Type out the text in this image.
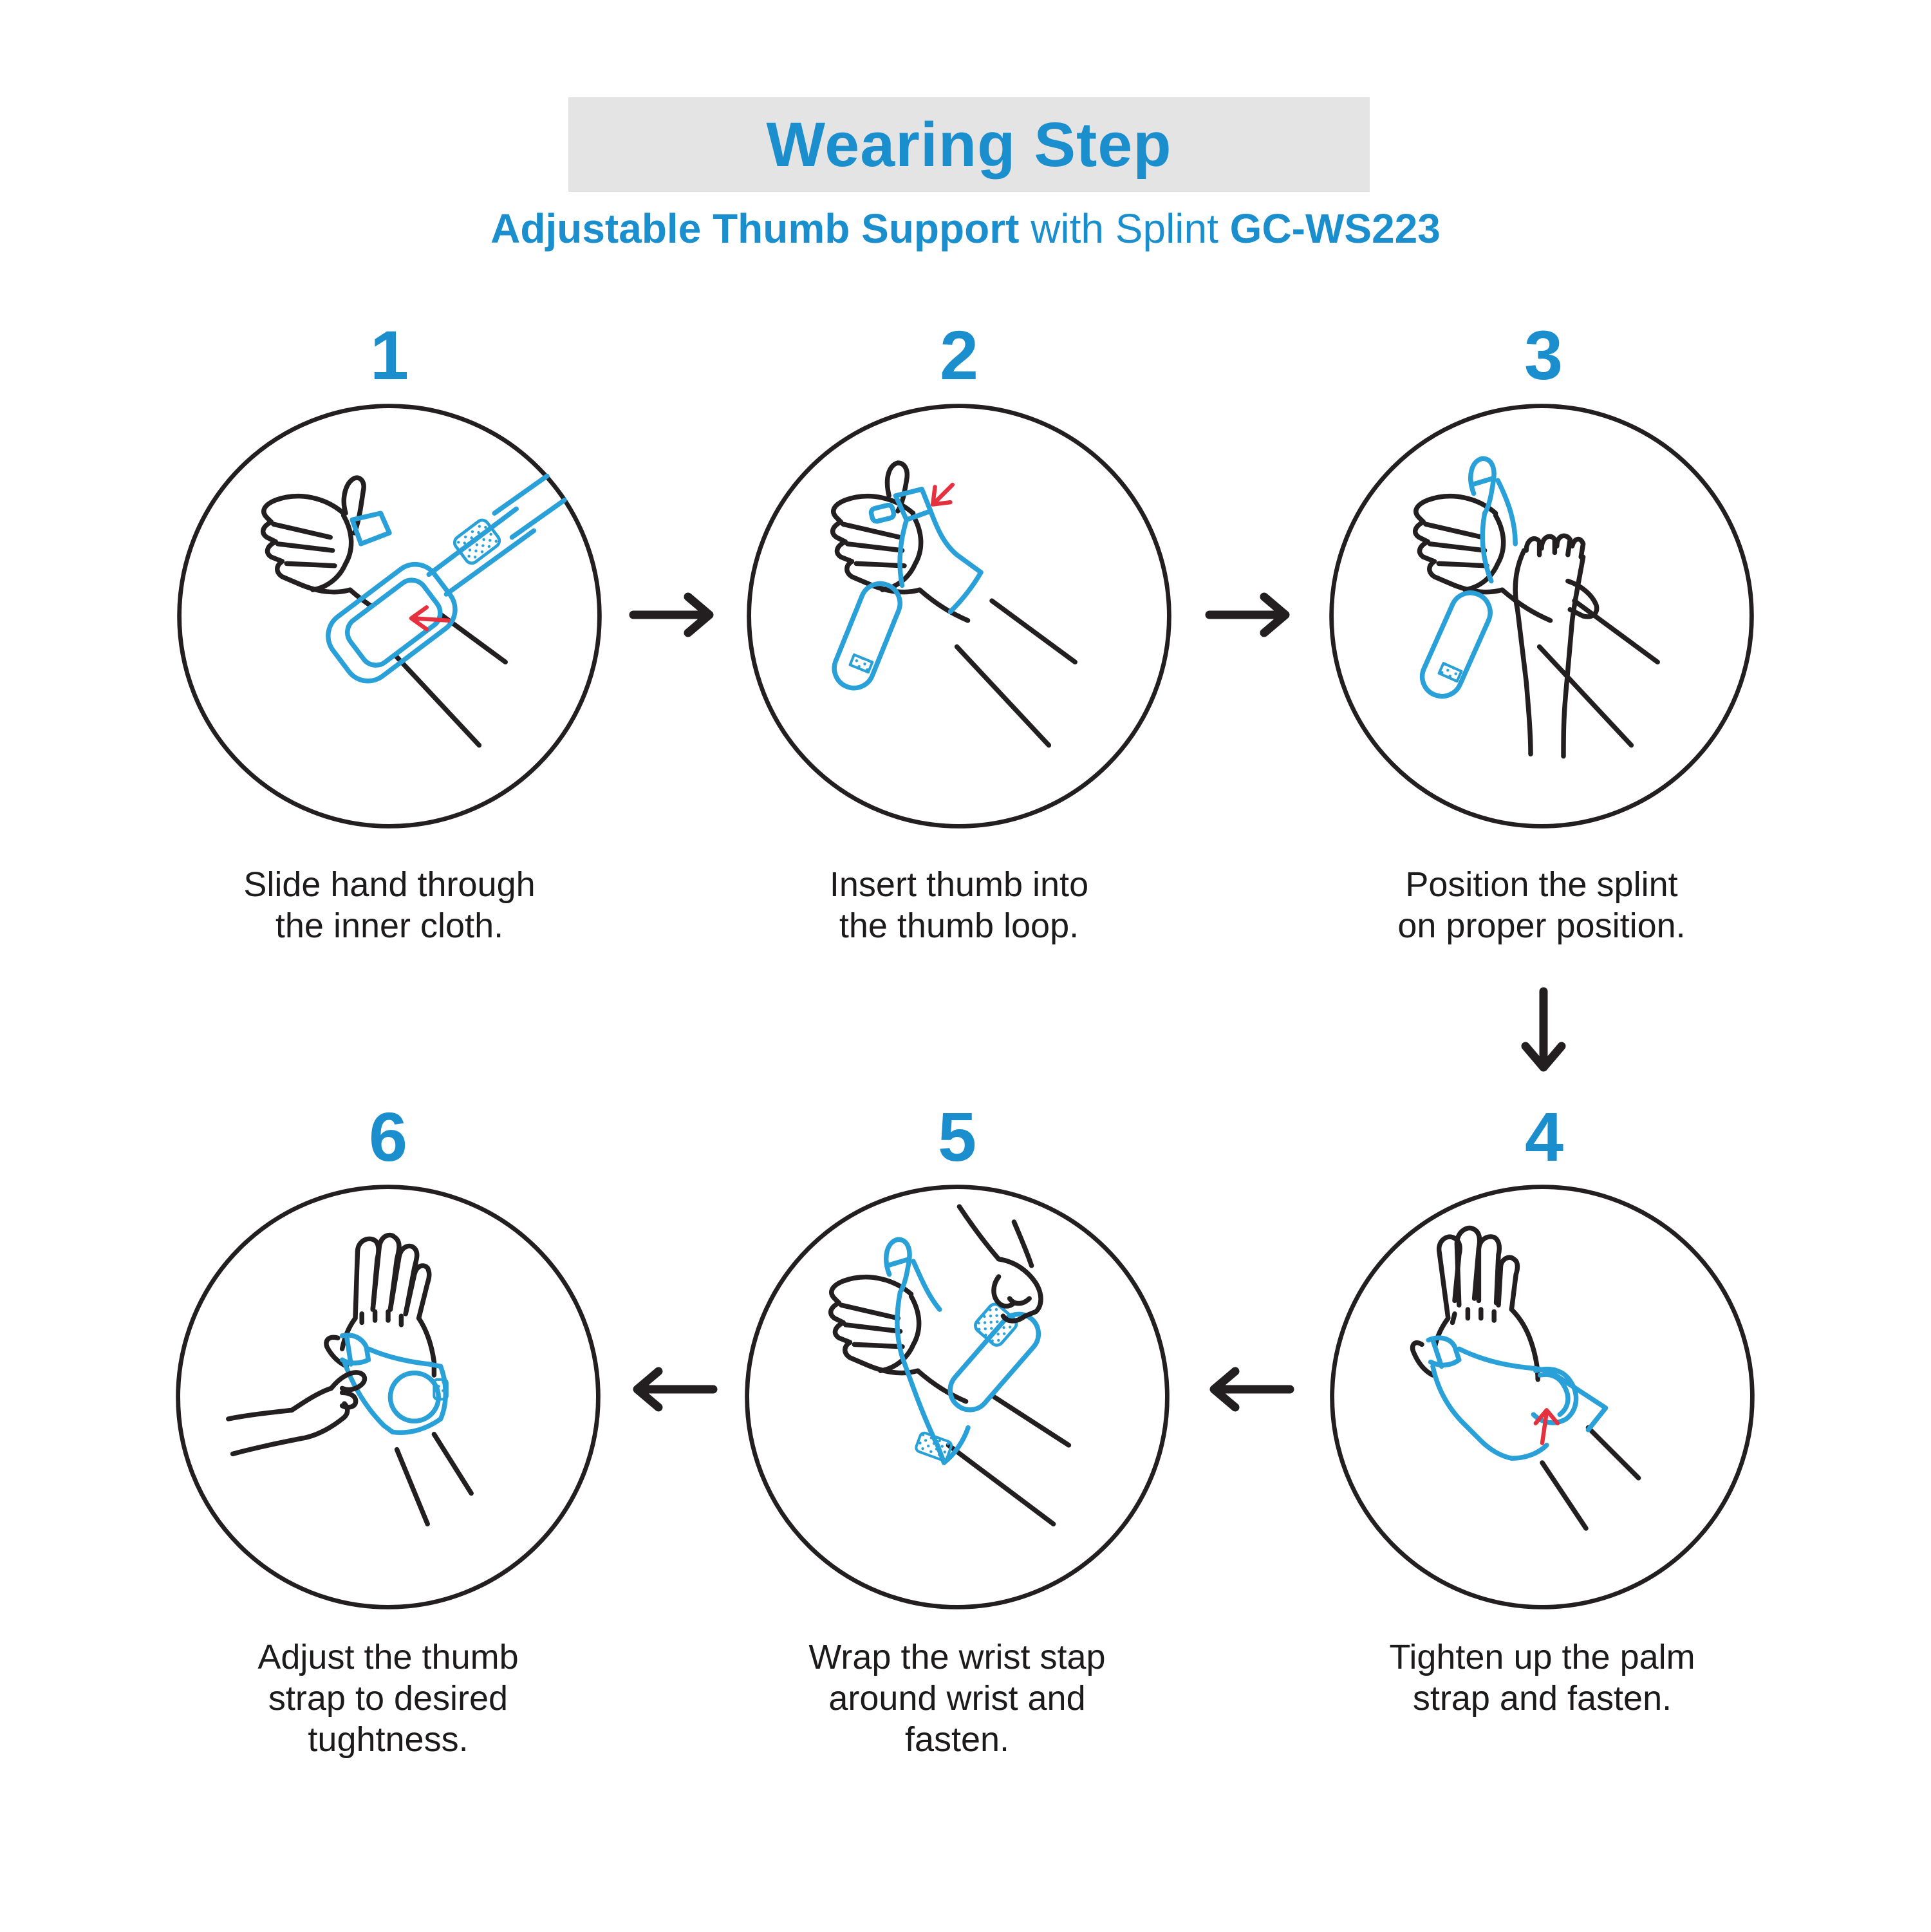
Wearing Step
Adjustable Thumb Support with Splint GC-WS223
1	2	3
4
5
6
Slide hand through
the inner cloth.
Insert thumb into
the thumb loop.
Position the splint
on proper position.
Tighten up the palm
strap and fasten.
Wrap the wrist stap
around wrist and
fasten.
Adjust the thumb
strap to desired
tughtness.
